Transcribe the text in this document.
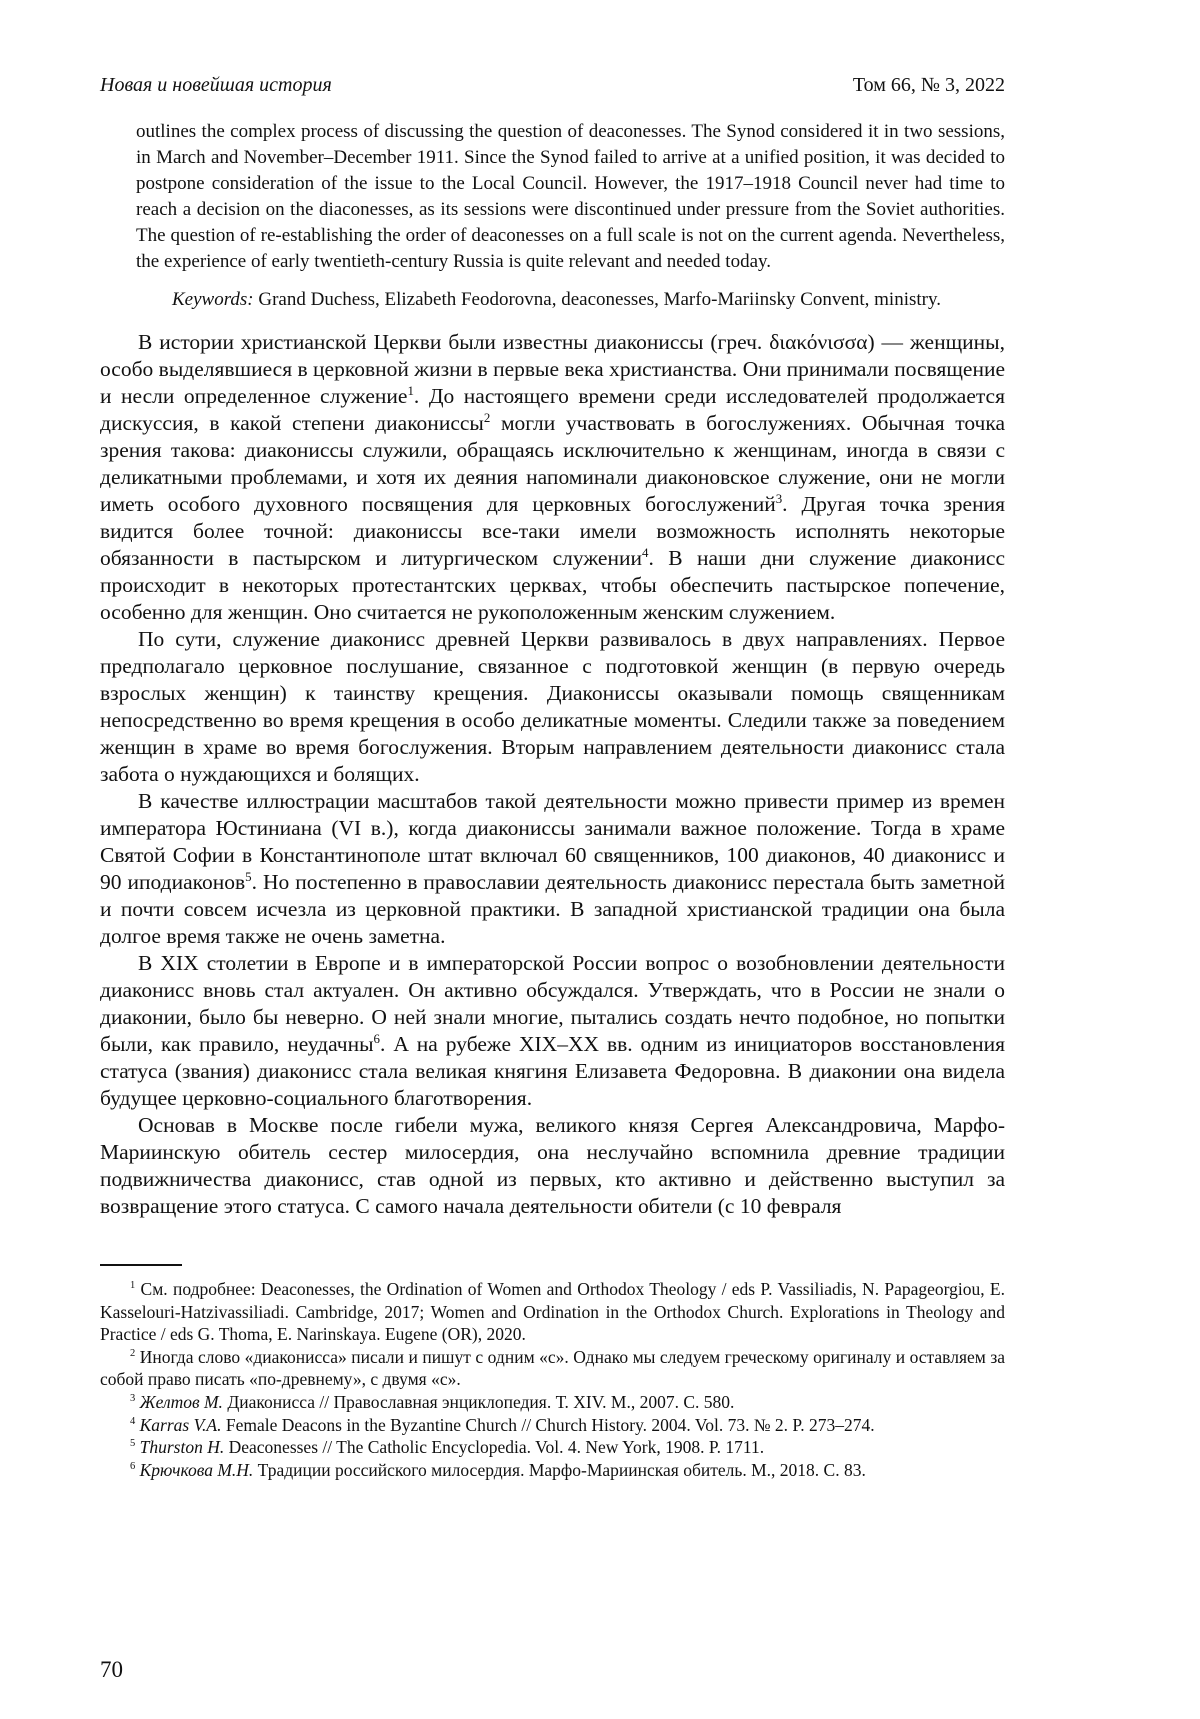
Новая и новейшая история	Том 66, № 3, 2022

outlines the complex process of discussing the question of deaconesses. The Synod considered it in two sessions, in March and November–December 1911. Since the Synod failed to arrive at a unified position, it was decided to postpone consideration of the issue to the Local Council. However, the 1917–1918 Council never had time to reach a decision on the diaconesses, as its sessions were discontinued under pressure from the Soviet authorities. The question of re-establishing the order of deaconesses on a full scale is not on the current agenda. Nevertheless, the experience of early twentieth-century Russia is quite relevant and needed today.

Keywords: Grand Duchess, Elizabeth Feodorovna, deaconesses, Marfo-Mariinsky Convent, ministry.

В истории христианской Церкви были известны диакониссы (греч. διακόνισσα) — женщины, особо выделявшиеся в церковной жизни в первые века христианства. Они принимали посвящение и несли определенное служение$^1$. До настоящего времени среди исследователей продолжается дискуссия, в какой степени диакониссы$^2$ могли участвовать в богослужениях. Обычная точка зрения такова: диакониссы служили, обращаясь исключительно к женщинам, иногда в связи с деликатными проблемами, и хотя их деяния напоминали диаконовское служение, они не могли иметь особого духовного посвящения для церковных богослужений$^3$. Другая точка зрения видится более точной: диакониссы все-таки имели возможность исполнять некоторые обязанности в пастырском и литургическом служении$^4$. В наши дни служение диаконисс происходит в некоторых протестантских церквах, чтобы обеспечить пастырское попечение, особенно для женщин. Оно считается не рукоположенным женским служением.

По сути, служение диаконисс древней Церкви развивалось в двух направлениях. Первое предполагало церковное послушание, связанное с подготовкой женщин (в первую очередь взрослых женщин) к таинству крещения. Диакониссы оказывали помощь священникам непосредственно во время крещения в особо деликатные моменты. Следили также за поведением женщин в храме во время богослужения. Вторым направлением деятельности диаконисс стала забота о нуждающихся и болящих.

В качестве иллюстрации масштабов такой деятельности можно привести пример из времен императора Юстиниана (VI в.), когда диакониссы занимали важное положение. Тогда в храме Святой Софии в Константинополе штат включал 60 священников, 100 диаконов, 40 диаконисс и 90 иподиаконов$^5$. Но постепенно в православии деятельность диаконисс перестала быть заметной и почти совсем исчезла из церковной практики. В западной христианской традиции она была долгое время также не очень заметна.

В XIX столетии в Европе и в императорской России вопрос о возобновлении деятельности диаконисс вновь стал актуален. Он активно обсуждался. Утверждать, что в России не знали о диаконии, было бы неверно. О ней знали многие, пытались создать нечто подобное, но попытки были, как правило, неудачны$^6$. А на рубеже XIX–XX вв. одним из инициаторов восстановления статуса (звания) диаконисс стала великая княгиня Елизавета Федоровна. В диаконии она видела будущее церковно-социального благотворения.

Основав в Москве после гибели мужа, великого князя Сергея Александровича, Марфо-Мариинскую обитель сестер милосердия, она неслучайно вспомнила древние традиции подвижничества диаконисс, став одной из первых, кто активно и действенно выступил за возвращение этого статуса. С самого начала деятельности обители (с 10 февраля

$^1$ См. подробнее: Deaconesses, the Ordination of Women and Orthodox Theology / eds P. Vassiliadis, N. Papageorgiou, E. Kasselouri-Hatzivassiliadi. Cambridge, 2017; Women and Ordination in the Orthodox Church. Explorations in Theology and Practice / eds G. Thoma, E. Narinskaya. Eugene (OR), 2020.

$^2$ Иногда слово «диаконисса» писали и пишут с одним «с». Однако мы следуем греческому оригиналу и оставляем за собой право писать «по-древнему», с двумя «с».

$^3$ Желтов М. Диаконисса // Православная энциклопедия. Т. XIV. М., 2007. С. 580.

$^4$ Karras V.A. Female Deacons in the Byzantine Church // Church History. 2004. Vol. 73. № 2. P. 273–274.

$^5$ Thurston H. Deaconesses // The Catholic Encyclopedia. Vol. 4. New York, 1908. P. 1711.

$^6$ Крючкова М.Н. Традиции российского милосердия. Марфо-Мариинская обитель. М., 2018. С. 83.

70
